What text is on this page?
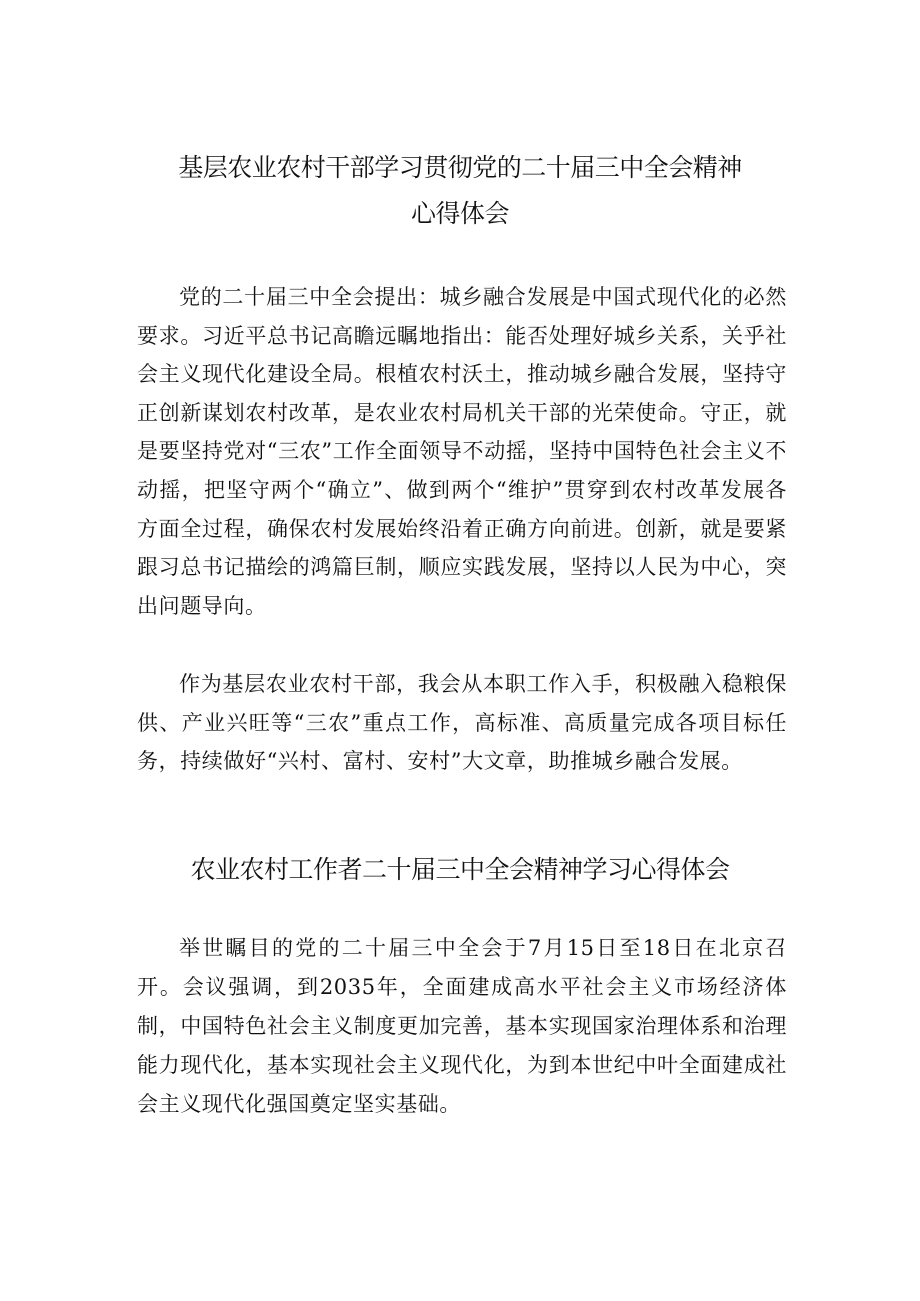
基层农业农村干部学习贯彻党的二十届三中全会精神
心得体会

党的二十届三中全会提出：城乡融合发展是中国式现代化的必然要求。习近平总书记高瞻远瞩地指出：能否处理好城乡关系，关乎社会主义现代化建设全局。根植农村沃土，推动城乡融合发展，坚持守正创新谋划农村改革，是农业农村局机关干部的光荣使命。守正，就是要坚持党对“三农”工作全面领导不动摇，坚持中国特色社会主义不动摇，把坚守两个“确立”、做到两个“维护”贯穿到农村改革发展各方面全过程，确保农村发展始终沿着正确方向前进。创新，就是要紧跟习总书记描绘的鸿篇巨制，顺应实践发展，坚持以人民为中心，突出问题导向。

作为基层农业农村干部，我会从本职工作入手，积极融入稳粮保供、产业兴旺等“三农”重点工作，高标准、高质量完成各项目标任务，持续做好“兴村、富村、安村”大文章，助推城乡融合发展。

农业农村工作者二十届三中全会精神学习心得体会

举世瞩目的党的二十届三中全会于7月15日至18日在北京召开。会议强调，到2035年，全面建成高水平社会主义市场经济体制，中国特色社会主义制度更加完善，基本实现国家治理体系和治理能力现代化，基本实现社会主义现代化，为到本世纪中叶全面建成社会主义现代化强国奠定坚实基础。
